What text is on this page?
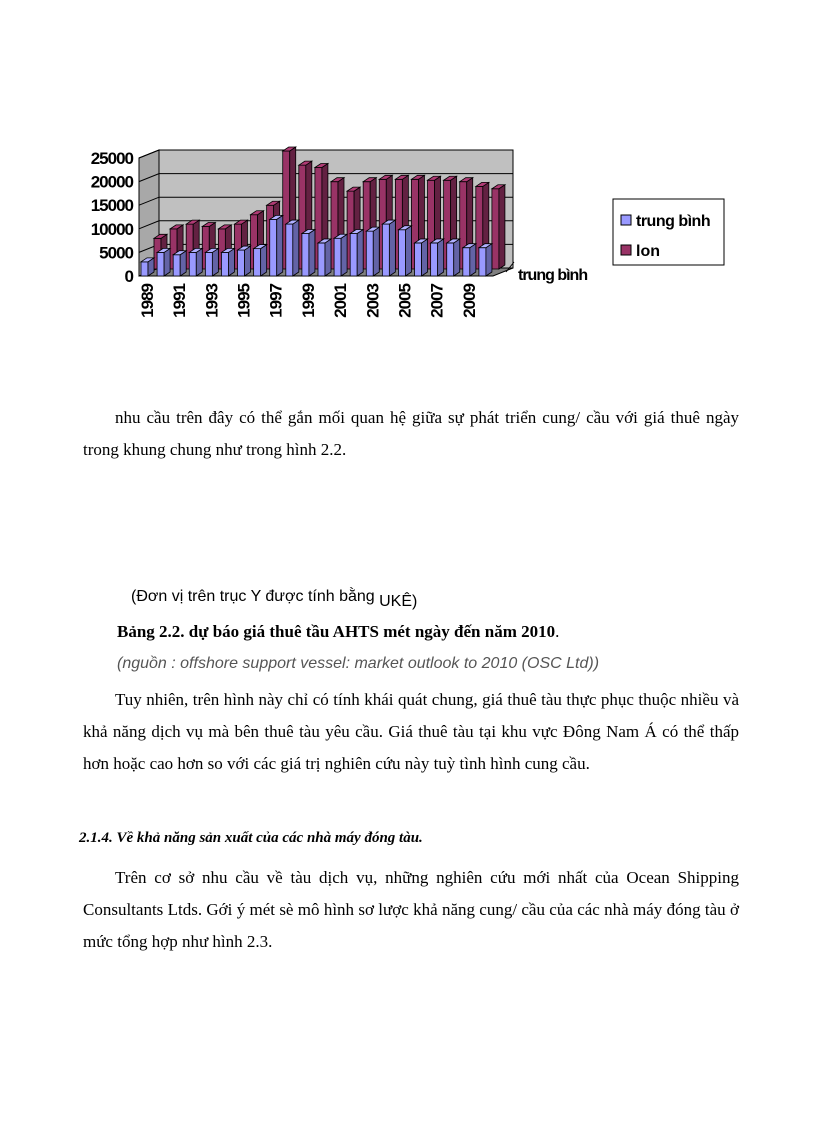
25000
20000
15000
10000
5000
0
1989 1991 1993 1995 1997 1999 2001 2003 2005 2007 2009
trung bình
trung bình
lon

nhu cầu trên đây có thể gắn mối quan hệ giữa sự phát triển cung/ cầu với giá thuê ngày trong khung chung như trong hình 2.2.

(Đơn vị trên trục Y được tính bằng UKÊ)

Bảng 2.2. dự báo giá thuê tầu AHTS mét ngày đến năm 2010.

(nguồn : offshore support vessel: market outlook to 2010 (OSC Ltd))

Tuy nhiên, trên hình này chỉ có tính khái quát chung, giá thuê tàu thực phục thuộc nhiều và khả năng dịch vụ mà bên thuê tàu yêu cầu. Giá thuê tàu tại khu vực Đông Nam Á có thể thấp hơn hoặc cao hơn so với các giá trị nghiên cứu này tuỳ tình hình cung cầu.

2.1.4. Về khả năng sản xuất của các nhà máy đóng tàu.

Trên cơ sở nhu cầu về tàu dịch vụ, những nghiên cứu mới nhất của Ocean Shipping Consultants Ltds. Gới ý mét sè mô hình sơ lược khả năng cung/ cầu của các nhà máy đóng tàu ở mức tổng hợp như hình 2.3.
